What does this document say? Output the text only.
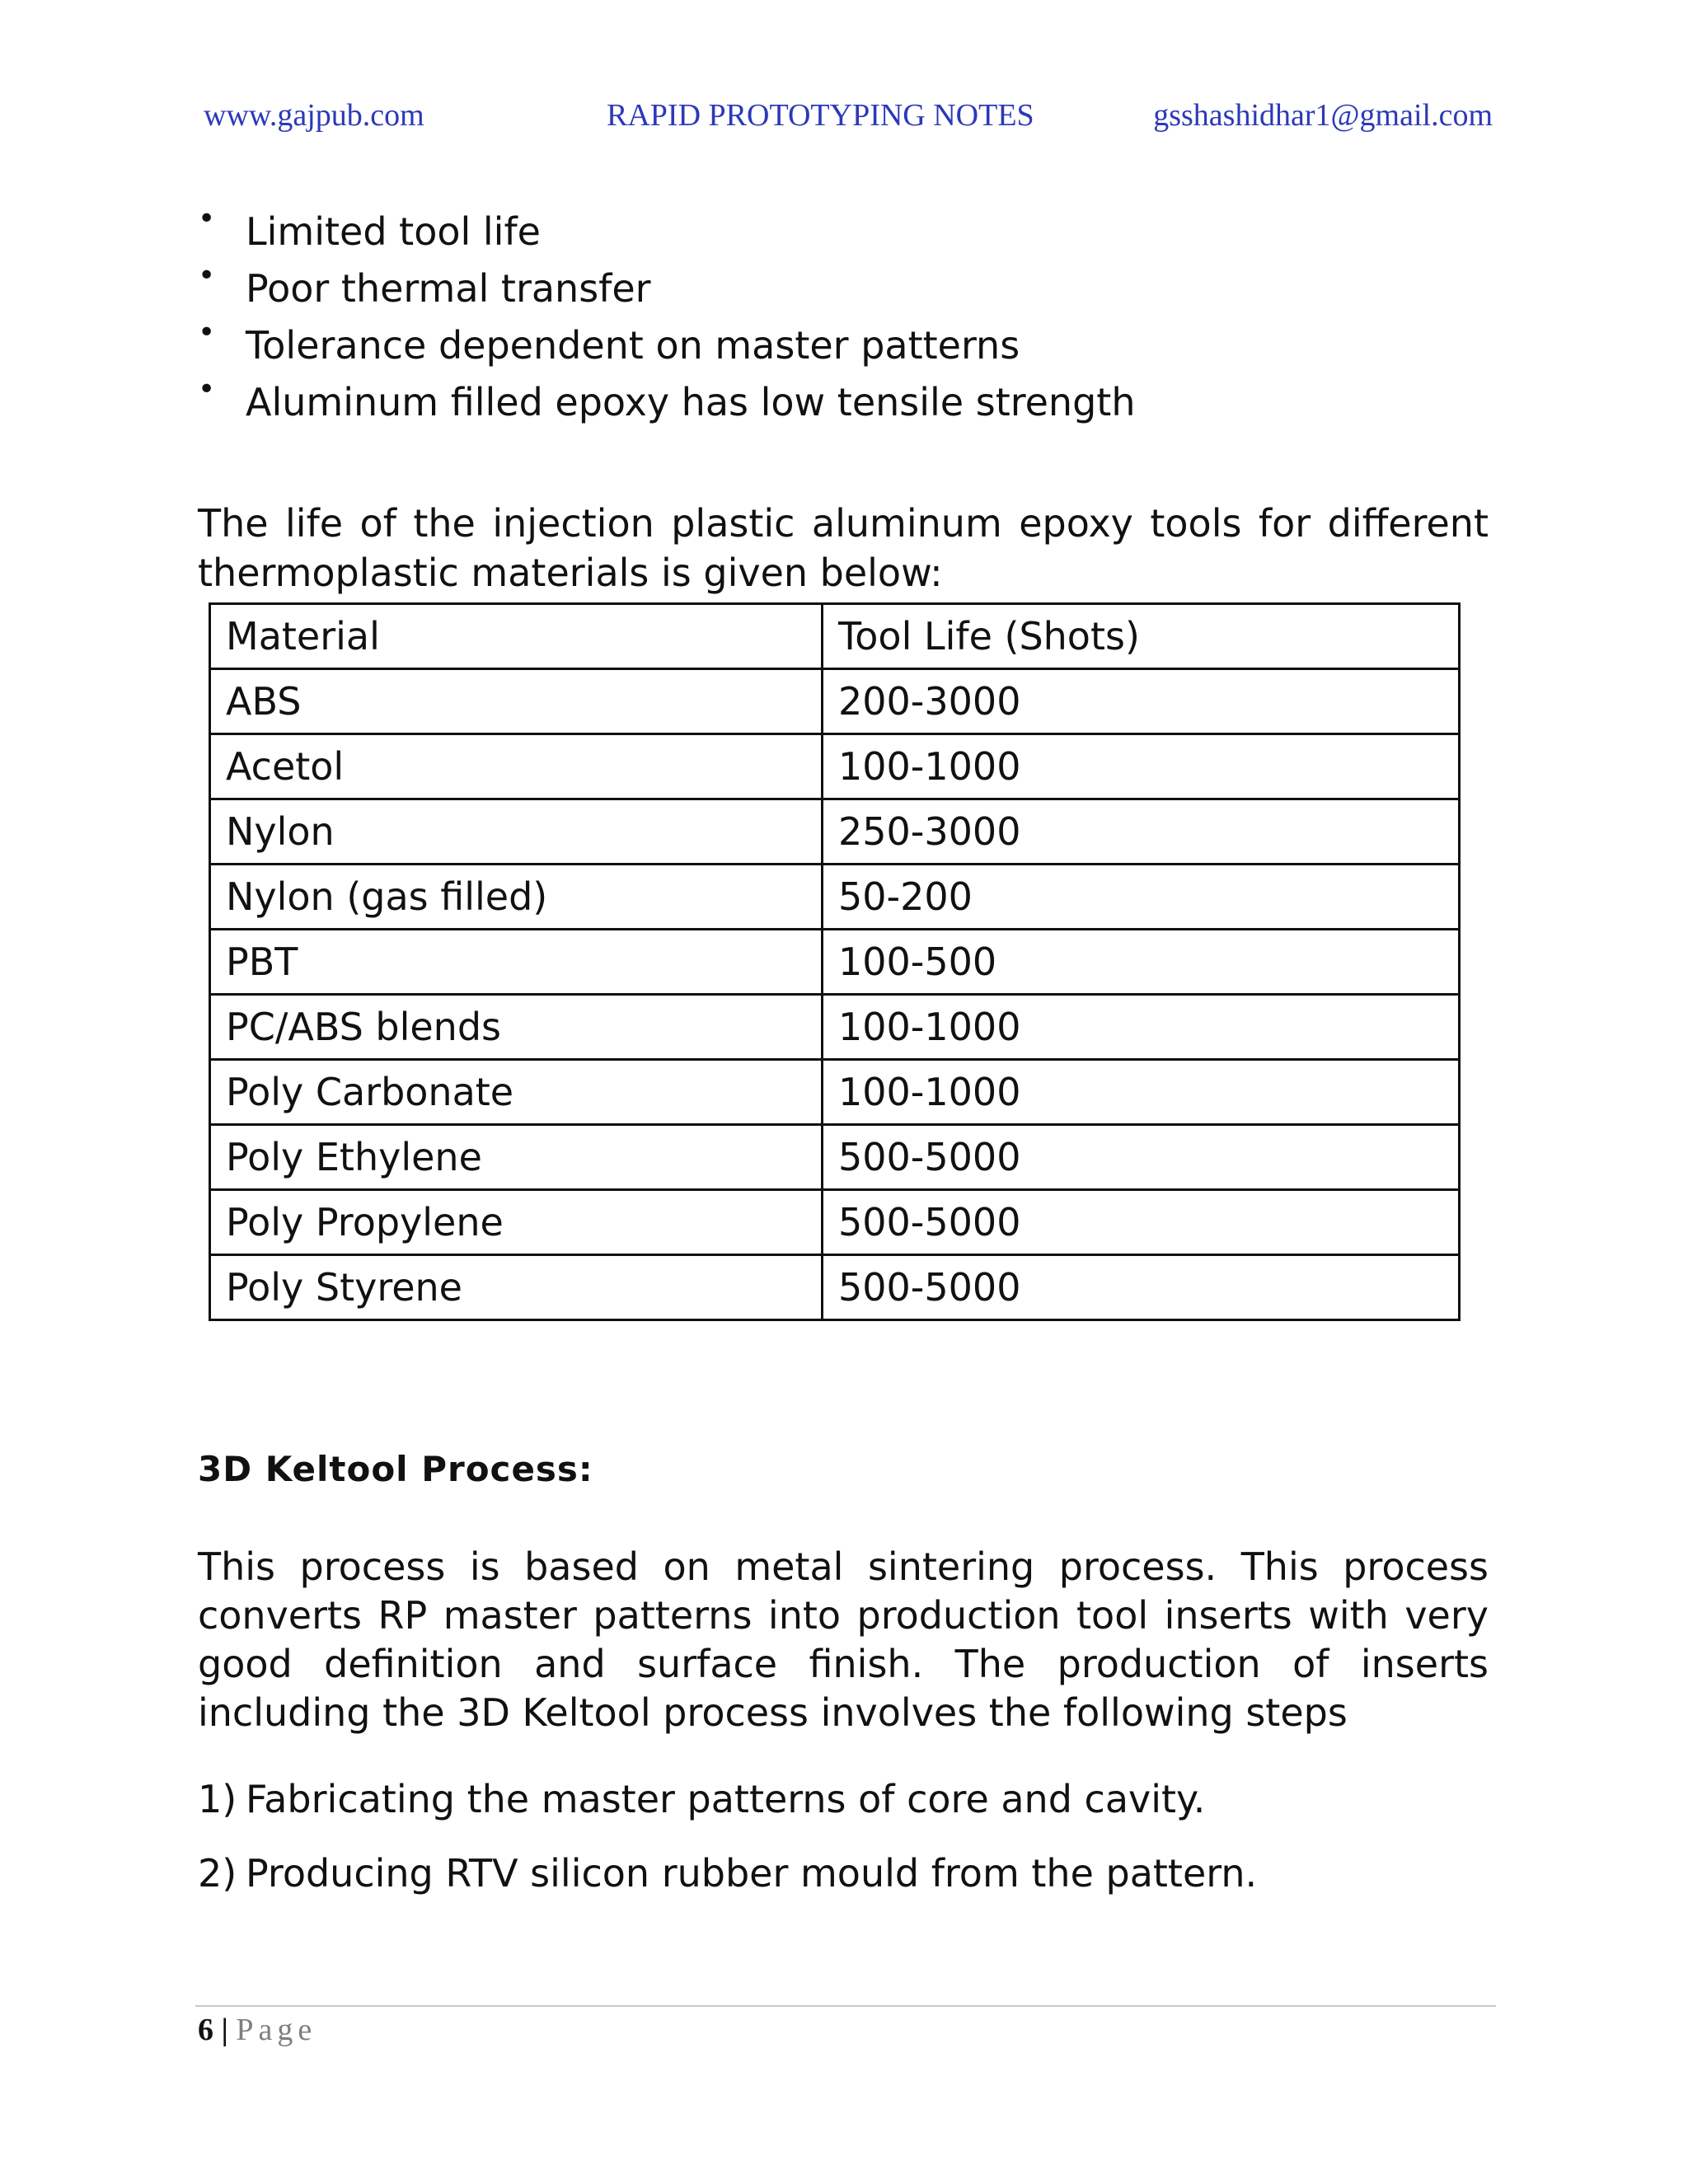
www.gajpub.com	RAPID PROTOTYPING NOTES	gsshashidhar1@gmail.com
• Limited tool life
• Poor thermal transfer
• Tolerance dependent on master patterns
• Aluminum filled epoxy has low tensile strength

The life of the injection plastic aluminum epoxy tools for different thermoplastic materials is given below:

Material	Tool Life (Shots)
ABS	200-3000
Acetol	100-1000
Nylon	250-3000
Nylon (gas filled)	50-200
PBT	100-500
PC/ABS blends	100-1000
Poly Carbonate	100-1000
Poly Ethylene	500-5000
Poly Propylene	500-5000
Poly Styrene	500-5000
3D Keltool Process:

This process is based on metal sintering process. This process converts RP master patterns into production tool inserts with very good definition and surface finish. The production of inserts including the 3D Keltool process involves the following steps

1) Fabricating the master patterns of core and cavity.
2) Producing RTV silicon rubber mould from the pattern.
6 | Page
